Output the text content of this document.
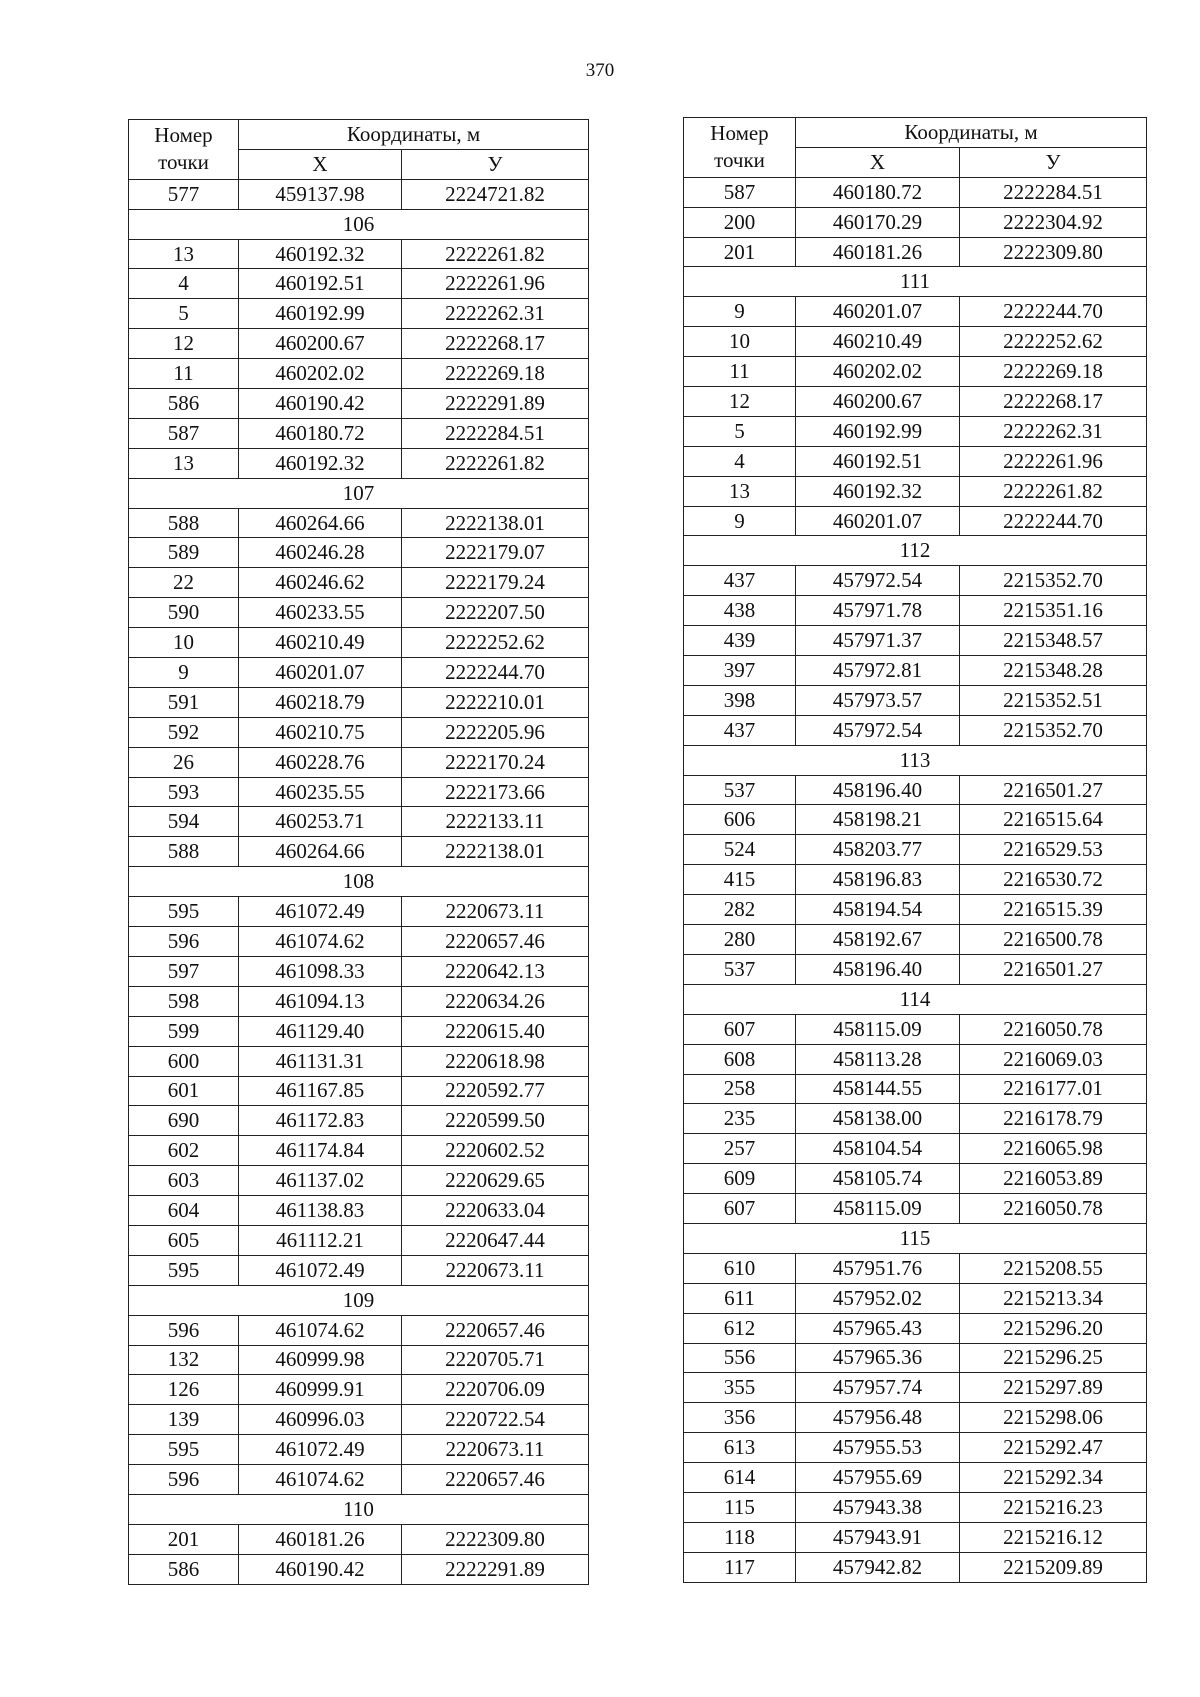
370
Номер точки	Координаты, м	
	Х	У
577	459137.98	2224721.82
106		
13	460192.32	2222261.82
4	460192.51	2222261.96
5	460192.99	2222262.31
12	460200.67	2222268.17
11	460202.02	2222269.18
586	460190.42	2222291.89
587	460180.72	2222284.51
13	460192.32	2222261.82
107		
588	460264.66	2222138.01
589	460246.28	2222179.07
22	460246.62	2222179.24
590	460233.55	2222207.50
10	460210.49	2222252.62
9	460201.07	2222244.70
591	460218.79	2222210.01
592	460210.75	2222205.96
26	460228.76	2222170.24
593	460235.55	2222173.66
594	460253.71	2222133.11
588	460264.66	2222138.01
108		
595	461072.49	2220673.11
596	461074.62	2220657.46
597	461098.33	2220642.13
598	461094.13	2220634.26
599	461129.40	2220615.40
600	461131.31	2220618.98
601	461167.85	2220592.77
690	461172.83	2220599.50
602	461174.84	2220602.52
603	461137.02	2220629.65
604	461138.83	2220633.04
605	461112.21	2220647.44
595	461072.49	2220673.11
109		
596	461074.62	2220657.46
132	460999.98	2220705.71
126	460999.91	2220706.09
139	460996.03	2220722.54
595	461072.49	2220673.11
596	461074.62	2220657.46
110		
201	460181.26	2222309.80
586	460190.42	2222291.89
Номер точки	Координаты, м	
	Х	У
587	460180.72	2222284.51
200	460170.29	2222304.92
201	460181.26	2222309.80
111		
9	460201.07	2222244.70
10	460210.49	2222252.62
11	460202.02	2222269.18
12	460200.67	2222268.17
5	460192.99	2222262.31
4	460192.51	2222261.96
13	460192.32	2222261.82
9	460201.07	2222244.70
112		
437	457972.54	2215352.70
438	457971.78	2215351.16
439	457971.37	2215348.57
397	457972.81	2215348.28
398	457973.57	2215352.51
437	457972.54	2215352.70
113		
537	458196.40	2216501.27
606	458198.21	2216515.64
524	458203.77	2216529.53
415	458196.83	2216530.72
282	458194.54	2216515.39
280	458192.67	2216500.78
537	458196.40	2216501.27
114		
607	458115.09	2216050.78
608	458113.28	2216069.03
258	458144.55	2216177.01
235	458138.00	2216178.79
257	458104.54	2216065.98
609	458105.74	2216053.89
607	458115.09	2216050.78
115		
610	457951.76	2215208.55
611	457952.02	2215213.34
612	457965.43	2215296.20
556	457965.36	2215296.25
355	457957.74	2215297.89
356	457956.48	2215298.06
613	457955.53	2215292.47
614	457955.69	2215292.34
115	457943.38	2215216.23
118	457943.91	2215216.12
117	457942.82	2215209.89
